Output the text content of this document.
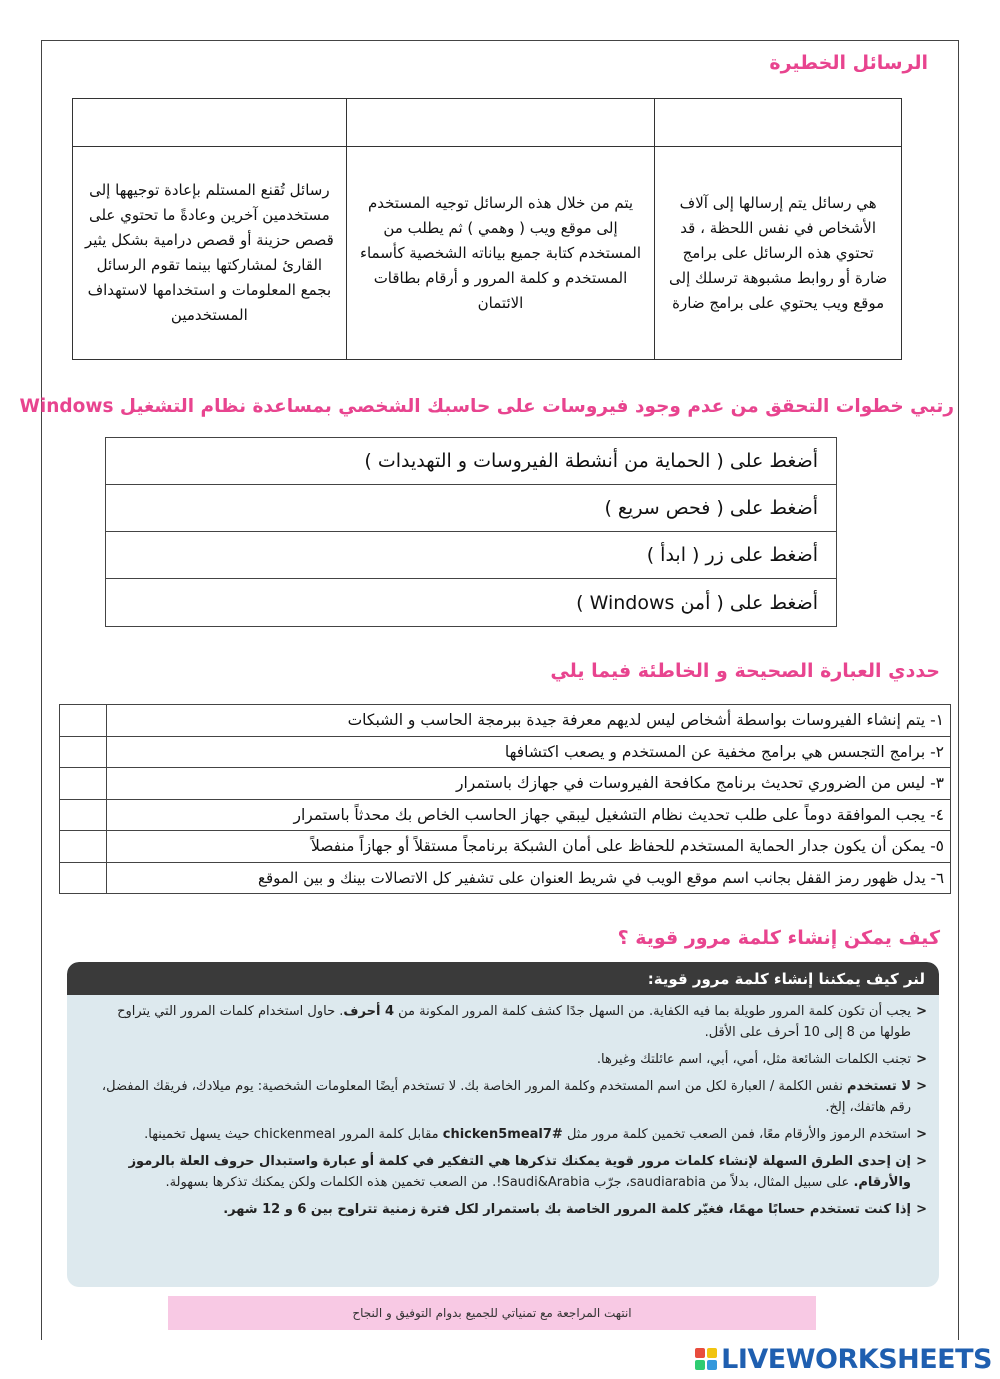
الرسائل الخطيرة

هي رسائل يتم إرسالها إلى آلاف الأشخاص في نفس اللحظة ، قد تحتوي هذه الرسائل على برامج ضارة أو روابط مشبوهة ترسلك إلى موقع ويب يحتوي على برامج ضارة	يتم من خلال هذه الرسائل توجيه المستخدم إلى موقع ويب ( وهمي ) ثم يطلب من المستخدم كتابة جميع بياناته الشخصية كأسماء المستخدم و كلمة المرور و أرقام بطاقات الائتمان	رسائل تُقنع المستلم بإعادة توجيهها إلى مستخدمين آخرين وعادةً ما تحتوي على قصص حزينة أو قصص درامية بشكل يثير القارئ لمشاركتها بينما تقوم الرسائل بجمع المعلومات و استخدامها لاستهداف المستخدمين
رتبي خطوات التحقق من عدم وجود فيروسات على حاسبك الشخصي بمساعدة نظام التشغيل Windows
أضغط على ( الحماية من أنشطة الفيروسات و التهديدات )
أضغط على ( فحص سريع )
أضغط على زر ( ابدأ )
أضغط على ( أمن Windows )
حددي العبارة الصحيحة و الخاطئة فيما يلي
١- يتم إنشاء الفيروسات بواسطة أشخاص ليس لديهم معرفة جيدة ببرمجة الحاسب و الشبكات	
٢- برامج التجسس هي برامج مخفية عن المستخدم و يصعب اكتشافها	
٣- ليس من الضروري تحديث برنامج مكافحة الفيروسات في جهازك باستمرار	
٤- يجب الموافقة دوماً على طلب تحديث نظام التشغيل ليبقي جهاز الحاسب الخاص بك محدثاً باستمرار	
٥- يمكن أن يكون جدار الحماية المستخدم للحفاظ على أمان الشبكة برنامجاً مستقلاً أو جهازاً منفصلاً	
٦- يدل ظهور رمز القفل بجانب اسم موقع الويب في شريط العنوان على تشفير كل الاتصالات بينك و بين الموقع	
كيف يمكن إنشاء كلمة مرور قوية ؟
لنر كيف يمكننا إنشاء كلمة مرور قوية:
< يجب أن تكون كلمة المرور طويلة بما فيه الكفاية. من السهل جدًا كشف كلمة المرور المكونة من 4 أحرف. حاول استخدام كلمات المرور التي يتراوح طولها من 8 إلى 10 أحرف على الأقل.
< تجنب الكلمات الشائعة مثل، أمي، أبي، اسم عائلتك وغيرها.
< لا تستخدم نفس الكلمة / العبارة لكل من اسم المستخدم وكلمة المرور الخاصة بك. لا تستخدم أيضًا المعلومات الشخصية: يوم ميلادك، فريقك المفضل، رقم هاتفك، إلخ.
< استخدم الرموز والأرقام معًا، فمن الصعب تخمين كلمة مرور مثل chicken5meal7# مقابل كلمة المرور chickenmeal حيث يسهل تخمينها.
< إن إحدى الطرق السهلة لإنشاء كلمات مرور قوية يمكنك تذكرها هي التفكير في كلمة أو عبارة واستبدال حروف العلة بالرموز والأرقام. على سبيل المثال، بدلاً من saudiarabia، جرّب Saudi&Arabia!. من الصعب تخمين هذه الكلمات ولكن يمكنك تذكرها بسهولة.
< إذا كنت تستخدم حسابًا مهمًا، فغيّر كلمة المرور الخاصة بك باستمرار لكل فترة زمنية تتراوح بين 6 و 12 شهر.
انتهت المراجعة مع تمنياتي للجميع بدوام التوفيق و النجاح
LIVEWORKSHEETS
